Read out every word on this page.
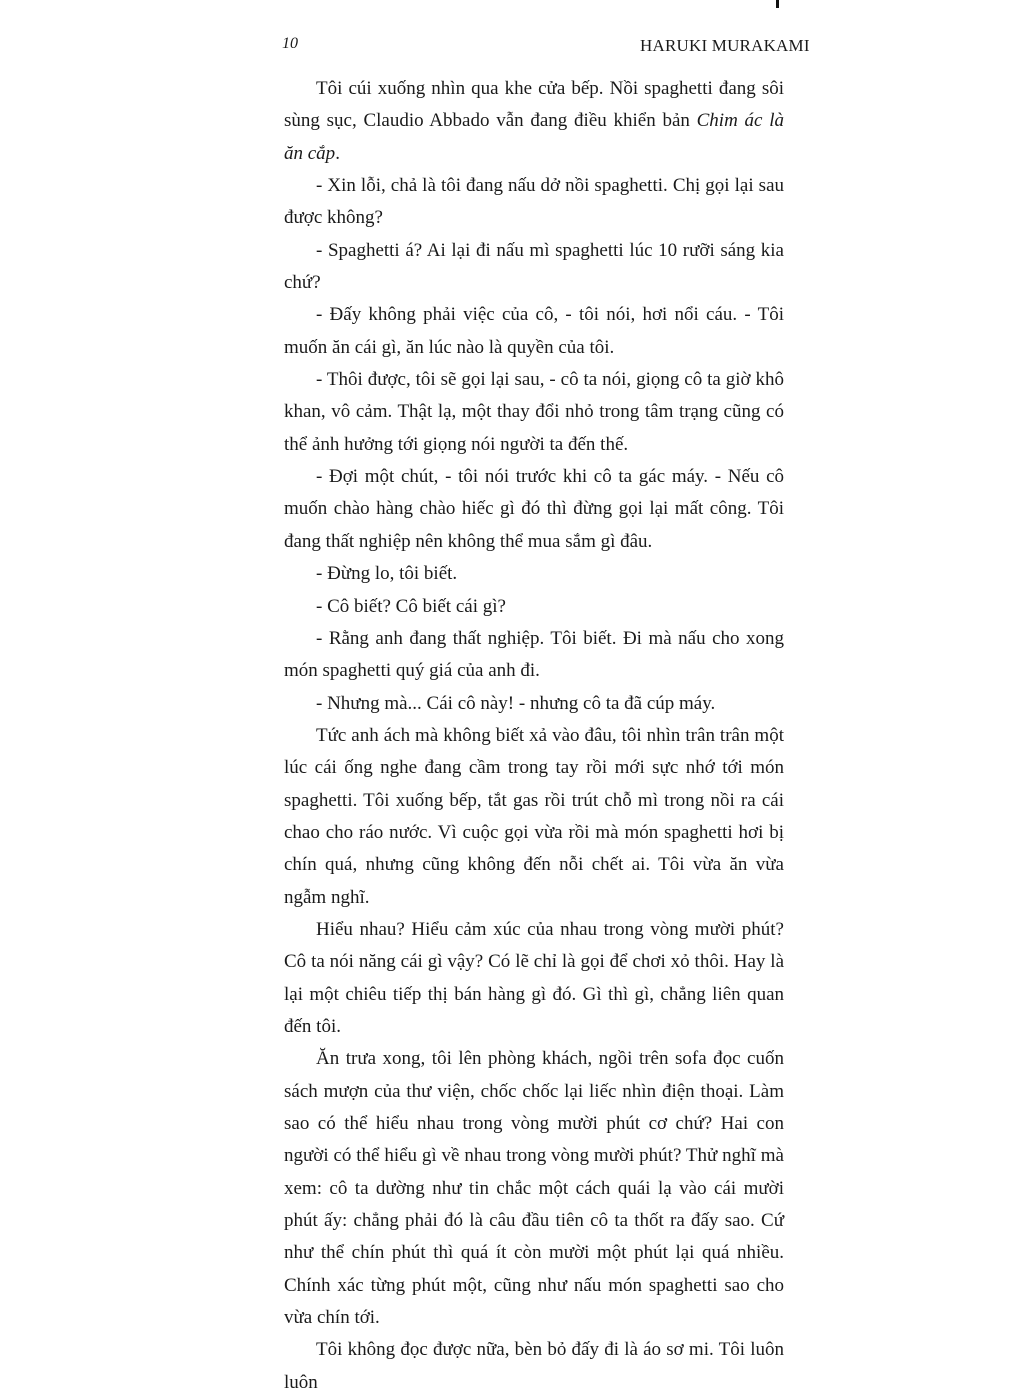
10	HARUKI MURAKAMI

Tôi cúi xuống nhìn qua khe cửa bếp. Nồi spaghetti đang sôi sùng sục, Claudio Abbado vẫn đang điều khiển bản Chim ác là ăn cắp.

- Xin lỗi, chả là tôi đang nấu dở nồi spaghetti. Chị gọi lại sau được không?

- Spaghetti á? Ai lại đi nấu mì spaghetti lúc 10 rưỡi sáng kia chứ?

- Đấy không phải việc của cô, - tôi nói, hơi nổi cáu. - Tôi muốn ăn cái gì, ăn lúc nào là quyền của tôi.

- Thôi được, tôi sẽ gọi lại sau, - cô ta nói, giọng cô ta giờ khô khan, vô cảm. Thật lạ, một thay đổi nhỏ trong tâm trạng cũng có thể ảnh hưởng tới giọng nói người ta đến thế.

- Đợi một chút, - tôi nói trước khi cô ta gác máy. - Nếu cô muốn chào hàng chào hiếc gì đó thì đừng gọi lại mất công. Tôi đang thất nghiệp nên không thể mua sắm gì đâu.

- Đừng lo, tôi biết.

- Cô biết? Cô biết cái gì?

- Rằng anh đang thất nghiệp. Tôi biết. Đi mà nấu cho xong món spaghetti quý giá của anh đi.

- Nhưng mà... Cái cô này! - nhưng cô ta đã cúp máy.

Tức anh ách mà không biết xả vào đâu, tôi nhìn trân trân một lúc cái ống nghe đang cầm trong tay rồi mới sực nhớ tới món spaghetti. Tôi xuống bếp, tắt gas rồi trút chỗ mì trong nồi ra cái chao cho ráo nước. Vì cuộc gọi vừa rồi mà món spaghetti hơi bị chín quá, nhưng cũng không đến nỗi chết ai. Tôi vừa ăn vừa ngẫm nghĩ.

Hiểu nhau? Hiểu cảm xúc của nhau trong vòng mười phút? Cô ta nói năng cái gì vậy? Có lẽ chỉ là gọi để chơi xỏ thôi. Hay là lại một chiêu tiếp thị bán hàng gì đó. Gì thì gì, chẳng liên quan đến tôi.

Ăn trưa xong, tôi lên phòng khách, ngồi trên sofa đọc cuốn sách mượn của thư viện, chốc chốc lại liếc nhìn điện thoại. Làm sao có thể hiểu nhau trong vòng mười phút cơ chứ? Hai con người có thể hiểu gì về nhau trong vòng mười phút? Thử nghĩ mà xem: cô ta dường như tin chắc một cách quái lạ vào cái mười phút ấy: chẳng phải đó là câu đầu tiên cô ta thốt ra đấy sao. Cứ như thể chín phút thì quá ít còn mười một phút lại quá nhiều. Chính xác từng phút một, cũng như nấu món spaghetti sao cho vừa chín tới.

Tôi không đọc được nữa, bèn bỏ đấy đi là áo sơ mi. Tôi luôn luôn
